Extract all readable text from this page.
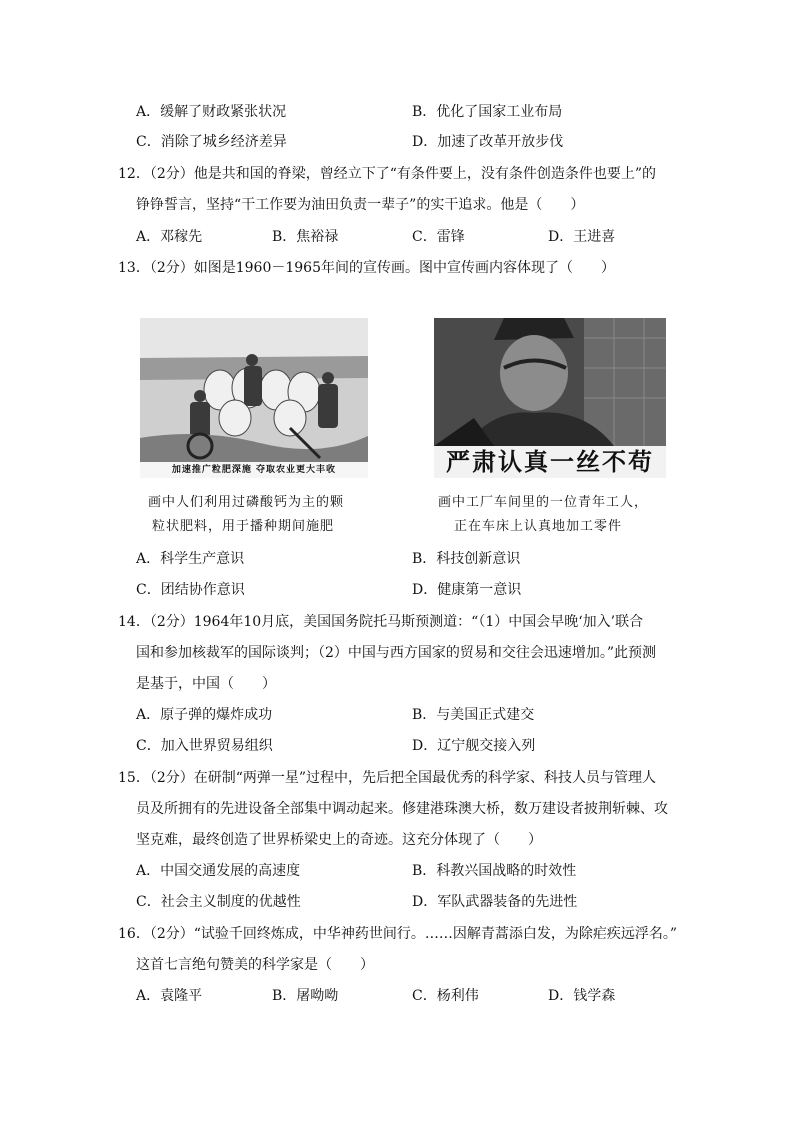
A．缓解了财政紧张状况	B．优化了国家工业布局
C．消除了城乡经济差异	D．加速了改革开放步伐
12．（2分）他是共和国的脊梁，曾经立下了“有条件要上，没有条件创造条件也要上”的
铮铮誓言，坚持“干工作要为油田负责一辈子”的实干追求。他是（　　）
A．邓稼先	B．焦裕禄	C．雷锋	D．王进喜
13．（2分）如图是1960－1965年间的宣传画。图中宣传画内容体现了（　　）
加速推广粒肥深施 夺取农业更大丰收
画中人们利用过磷酸钙为主的颗
粒状肥料，用于播种期间施肥
严肃认真一丝不苟
画中工厂车间里的一位青年工人，
正在车床上认真地加工零件
A．科学生产意识	B．科技创新意识
C．团结协作意识	D．健康第一意识
14．（2分）1964年10月底，美国国务院托马斯预测道：“（1）中国会早晚‘加入’联合
国和参加核裁军的国际谈判；（2）中国与西方国家的贸易和交往会迅速增加。”此预测
是基于，中国（　　）
A．原子弹的爆炸成功	B．与美国正式建交
C．加入世界贸易组织	D．辽宁舰交接入列
15．（2分）在研制“两弹一星”过程中，先后把全国最优秀的科学家、科技人员与管理人
员及所拥有的先进设备全部集中调动起来。修建港珠澳大桥，数万建设者披荆斩棘、攻
坚克难，最终创造了世界桥梁史上的奇迹。这充分体现了（　　）
A．中国交通发展的高速度	B．科教兴国战略的时效性
C．社会主义制度的优越性	D．军队武器装备的先进性
16．（2分）“试验千回终炼成，中华神药世间行。……因解青蒿添白发，为除疟疾远浮名。”
这首七言绝句赞美的科学家是（　　）
A．袁隆平	B．屠呦呦	C．杨利伟	D．钱学森
